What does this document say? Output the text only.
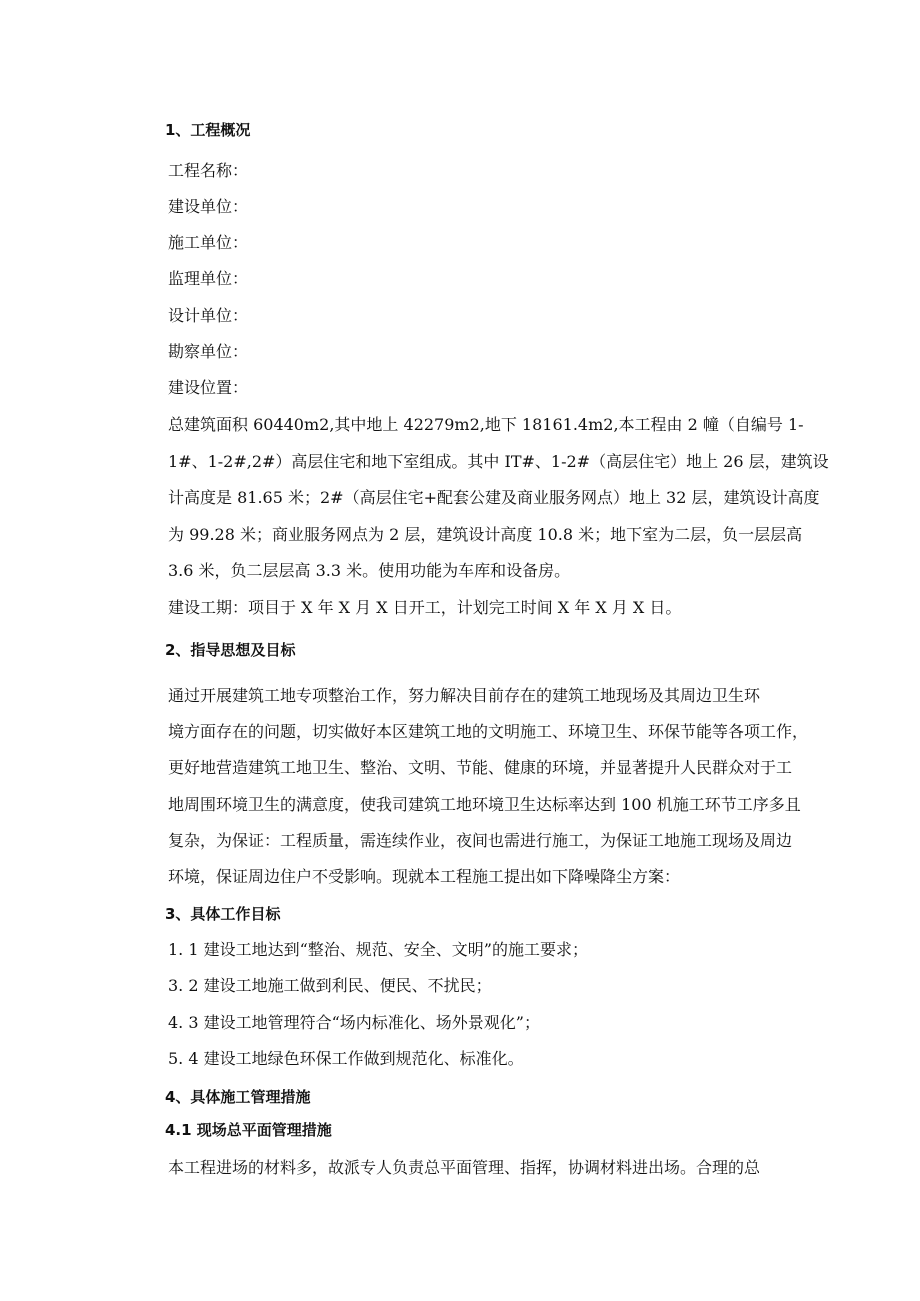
1、工程概况
工程名称：
建设单位：
施工单位：
监理单位：
设计单位：
勘察单位：
建设位置：
总建筑面积 60440m2,其中地上 42279m2,地下 18161.4m2,本工程由 2 幢（自编号 1-
1#、1-2#,2#）高层住宅和地下室组成。其中 IT#、1-2#（高层住宅）地上 26 层，建筑设
计高度是 81.65 米；2#（高层住宅+配套公建及商业服务网点）地上 32 层，建筑设计高度
为 99.28 米；商业服务网点为 2 层，建筑设计高度 10.8 米；地下室为二层，负一层层高
3.6 米，负二层层高 3.3 米。使用功能为车库和设备房。
建设工期：项目于 X 年 X 月 X 日开工，计划完工时间 X 年 X 月 X 日。
2、指导思想及目标
通过开展建筑工地专项整治工作，努力解决目前存在的建筑工地现场及其周边卫生环
境方面存在的问题，切实做好本区建筑工地的文明施工、环境卫生、环保节能等各项工作，
更好地营造建筑工地卫生、整治、文明、节能、健康的环境，并显著提升人民群众对于工
地周围环境卫生的满意度，使我司建筑工地环境卫生达标率达到 100 机施工环节工序多且
复杂，为保证：工程质量，需连续作业，夜间也需进行施工，为保证工地施工现场及周边
环境，保证周边住户不受影响。现就本工程施工提出如下降噪降尘方案：
3、具体工作目标
1. 1 建设工地达到“整治、规范、安全、文明”的施工要求；
3. 2 建设工地施工做到利民、便民、不扰民；
4. 3 建设工地管理符合“场内标准化、场外景观化”；
5. 4 建设工地绿色环保工作做到规范化、标准化。
4、具体施工管理措施
4.1 现场总平面管理措施
本工程进场的材料多，故派专人负责总平面管理、指挥，协调材料进出场。合理的总
